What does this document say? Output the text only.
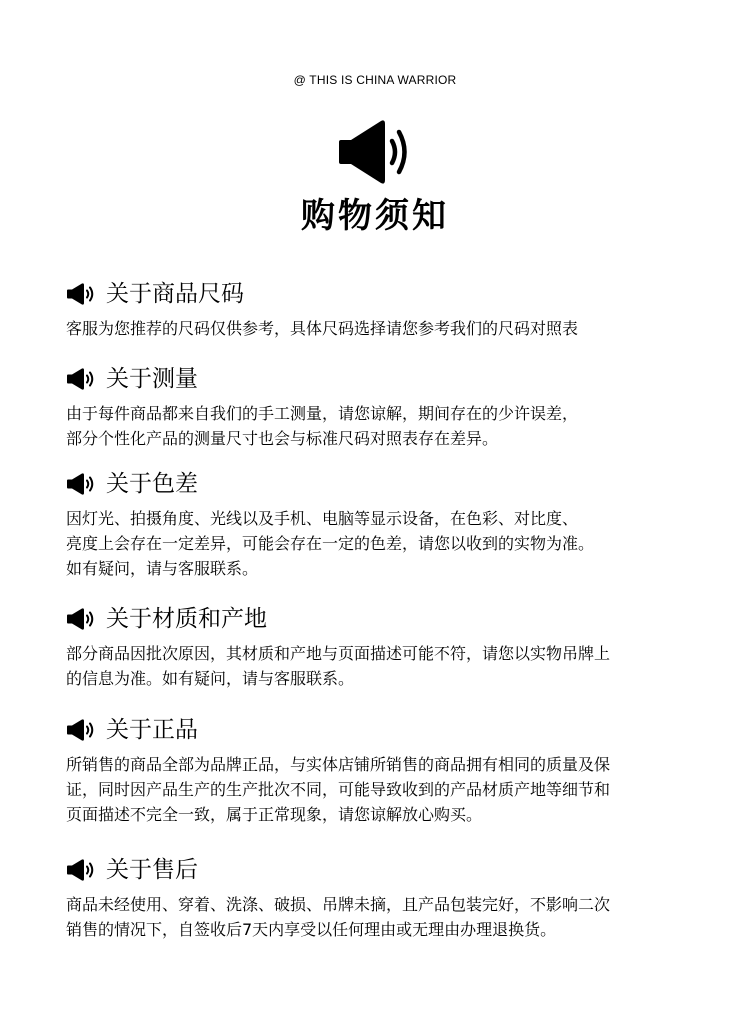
@ THIS IS CHINA WARRIOR
购物须知
关于商品尺码
客服为您推荐的尺码仅供参考，具体尺码选择请您参考我们的尺码对照表
关于测量
由于每件商品都来自我们的手工测量，请您谅解，期间存在的少许误差，
部分个性化产品的测量尺寸也会与标准尺码对照表存在差异。
关于色差
因灯光、拍摄角度、光线以及手机、电脑等显示设备，在色彩、对比度、
亮度上会存在一定差异，可能会存在一定的色差，请您以收到的实物为准。
如有疑问，请与客服联系。
关于材质和产地
部分商品因批次原因，其材质和产地与页面描述可能不符，请您以实物吊牌上
的信息为准。如有疑问，请与客服联系。
关于正品
所销售的商品全部为品牌正品，与实体店铺所销售的商品拥有相同的质量及保
证，同时因产品生产的生产批次不同，可能导致收到的产品材质产地等细节和
页面描述不完全一致，属于正常现象，请您谅解放心购买。
关于售后
商品未经使用、穿着、洗涤、破损、吊牌未摘，且产品包装完好，不影响二次
销售的情况下，自签收后7天内享受以任何理由或无理由办理退换货。
